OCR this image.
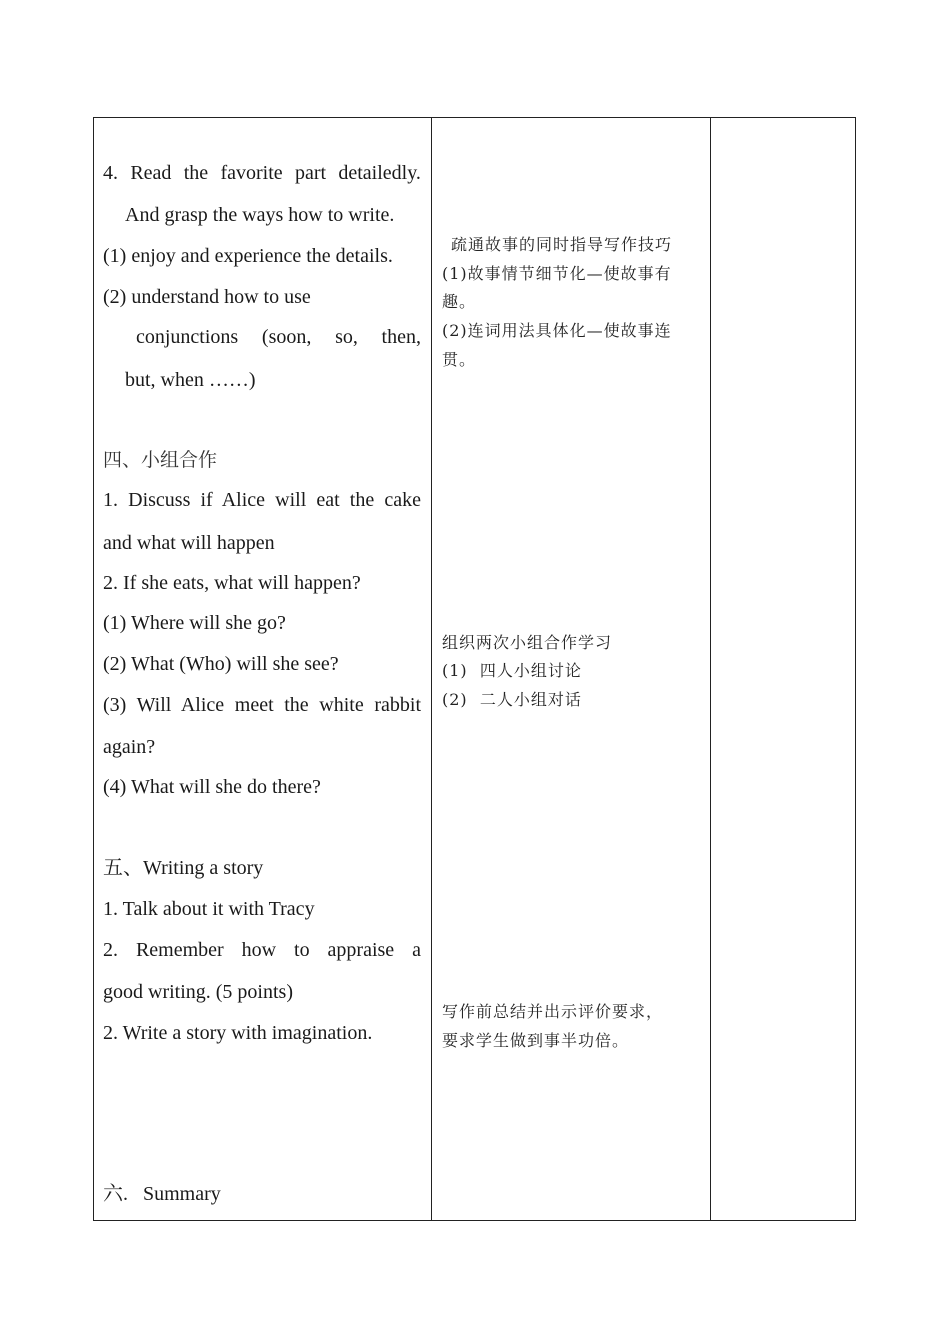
4. Read the favorite part detailedly.
And grasp the ways how to write.
(1) enjoy and experience the details.
(2) understand how to use
conjunctions (soon, so, then,
but, when ……)
四、小组合作
1. Discuss if Alice will eat the cake
and what will happen
2. If she eats, what will happen?
(1) Where will she go?
(2) What (Who) will she see?
(3) Will Alice meet the white rabbit
again?
(4) What will she do there?
五、Writing a story
1. Talk about it with Tracy
2. Remember how to appraise a
good writing. (5 points)
2. Write a story with imagination.
六.   Summary
疏通故事的同时指导写作技巧
(1)故事情节细节化—使故事有
趣。
(2)连词用法具体化—使故事连
贯。
组织两次小组合作学习
(1)  四人小组讨论
(2)  二人小组对话
写作前总结并出示评价要求，
要求学生做到事半功倍。
